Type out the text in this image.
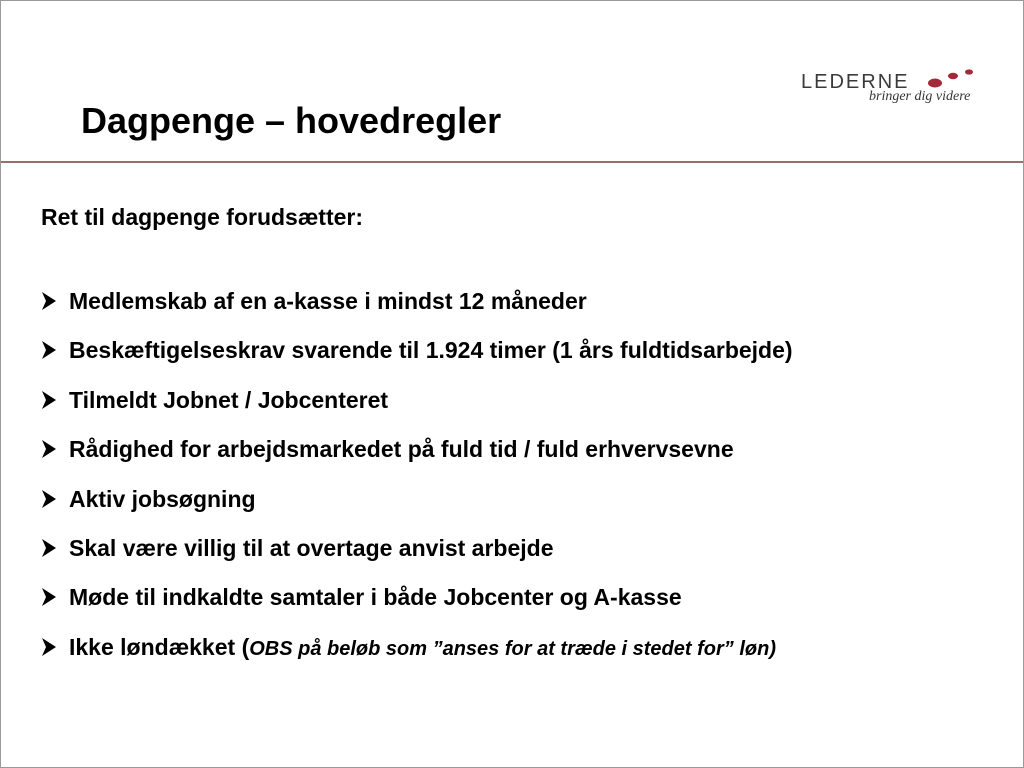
Dagpenge – hovedregler
LEDERNE
bringer dig videre

Ret til dagpenge forudsætter:

Medlemskab af en a-kasse i mindst 12 måneder
Beskæftigelseskrav svarende til 1.924 timer (1 års fuldtidsarbejde)
Tilmeldt Jobnet / Jobcenteret
Rådighed for arbejdsmarkedet på fuld tid / fuld erhvervsevne
Aktiv jobsøgning
Skal være villig til at overtage anvist arbejde
Møde til indkaldte samtaler i både Jobcenter og A-kasse
Ikke løndækket (OBS på beløb som ”anses for at træde i stedet for” løn)
